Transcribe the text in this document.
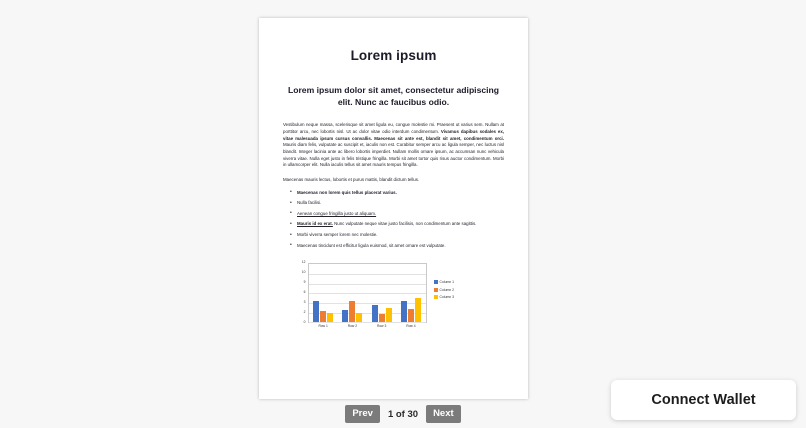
Lorem ipsum
Lorem ipsum dolor sit amet, consectetur adipiscing elit. Nunc ac faucibus odio.

Vestibulum neque massa, scelerisque sit amet ligula eu, congue molestie mi. Praesent ut varius sem. Nullam at porttitor arcu, nec lobortis nisl. Ut ac dolor vitae odio interdum condimentum. Vivamus dapibus sodales ex, vitae malesuada ipsum cursus convallis. Maecenas sit ante est, blandit sit amet, condimentum orci. Mauris diam felis, vulputate ac suscipit et, iaculis non est. Curabitur semper arcu ac ligula semper, nec luctus nisl blandit. Integer lacinia ante ac libero lobortis imperdiet. Nullam mollis ornare ipsum, ac accumsan nunc vehicula viverra vitae. Nulla eget justo in felis tristique fringilla. Morbi sit amet tortor quis risus auctor condimentum. Morbi in ullamcorper elit. Nulla iaculis tellus sit amet mauris tempus fringilla.

Maecenas mauris lectus, lobortis et purus mattis, blandit dictum tellus.

• Maecenas non lorem quis tellus placerat varius.
• Nulla facilisi.
• Aenean congue fringilla justo ut aliquam.
• Mauris id ex erat. Nunc vulputate neque vitae justo facilisis, non condimentum ante sagittis.
• Morbi viverra semper lorem nec molestie.
• Maecenas tincidunt est efficitur ligula euismod, sit amet ornare est vulputate.
12
10
9
6
3
2
0
Row 1	Row 2	Row 3	Row 4
Column 1
Column 2
Column 3
Prev	1 of 30	Next
Connect Wallet
